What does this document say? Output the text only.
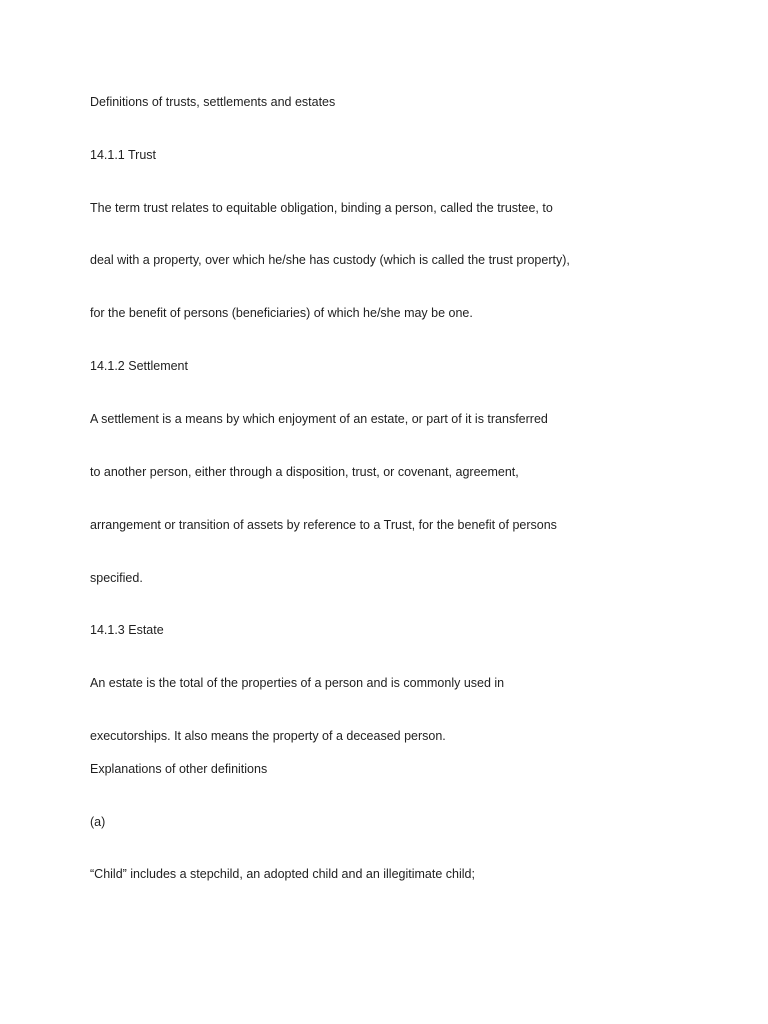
Definitions of trusts, settlements and estates

14.1.1 Trust

The term trust relates to equitable obligation, binding a person, called the trustee, to

deal with a property, over which he/she has custody (which is called the trust property),

for the benefit of persons (beneficiaries) of which he/she may be one.

14.1.2 Settlement

A settlement is a means by which enjoyment of an estate, or part of it is transferred

to another person, either through a disposition, trust, or covenant, agreement,

arrangement or transition of assets by reference to a Trust, for the benefit of persons

specified.

14.1.3 Estate

An estate is the total of the properties of a person and is commonly used in

executorships. It also means the property of a deceased person.

Explanations of other definitions

(a)

“Child” includes a stepchild, an adopted child and an illegitimate child;
